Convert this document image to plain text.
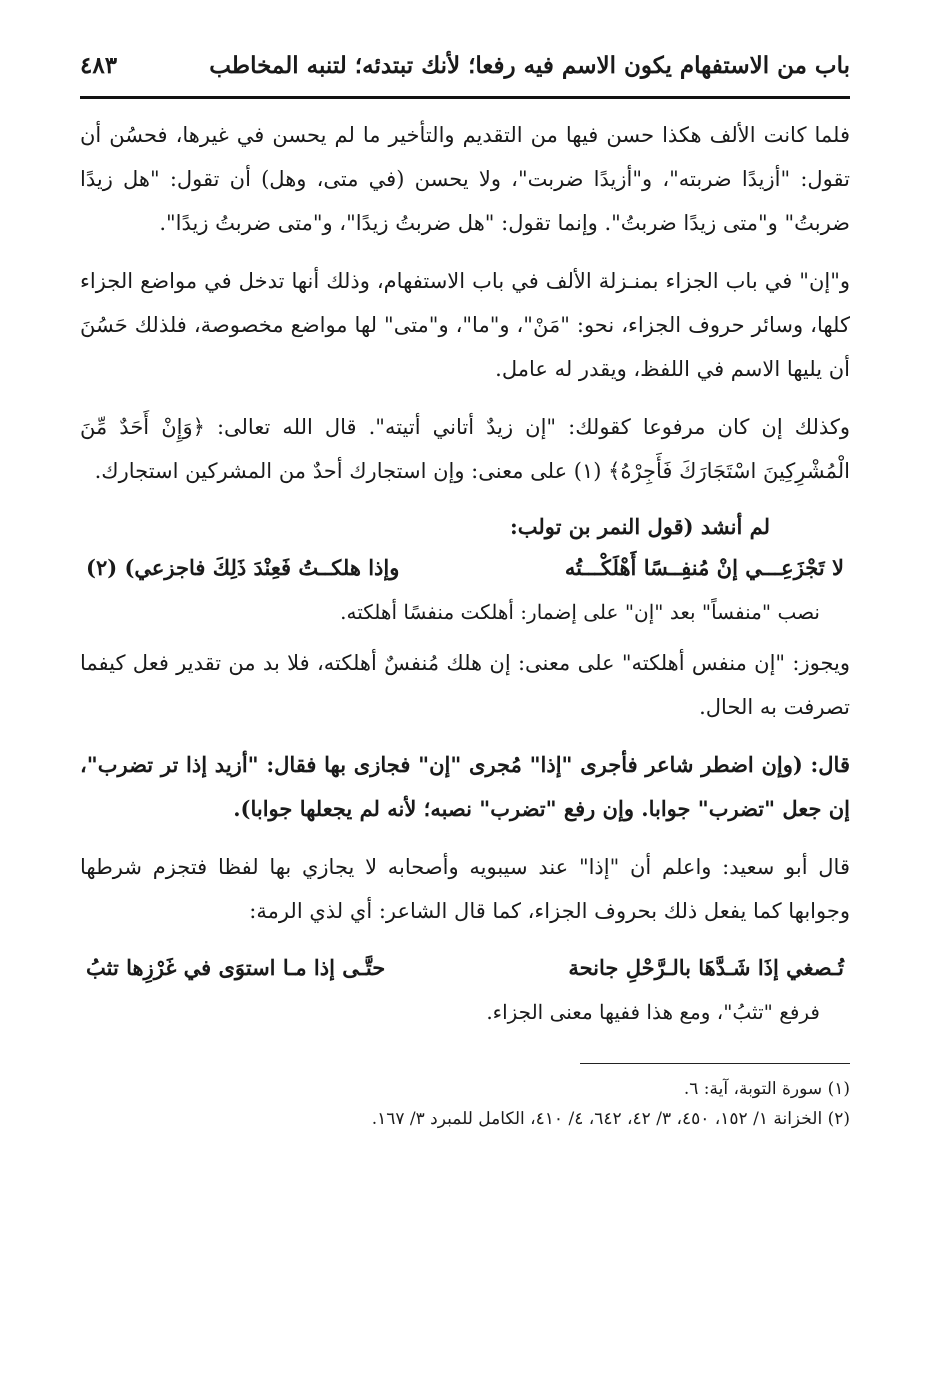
باب من الاستفهام يكون الاسم فيه رفعا؛ لأنك تبتدئه؛ لتنبه المخاطب
٤٨٣

فلما كانت الألف هكذا حسن فيها من التقديم والتأخير ما لم يحسن في غيرها، فحسُن أن تقول: "أزيدًا ضربته"، و"أزيدًا ضربت"، ولا يحسن (في متى، وهل) أن تقول: "هل زيدًا ضربتُ" و"متى زيدًا ضربتُ". وإنما تقول: "هل ضربتُ زيدًا"، و"متى ضربتُ زيدًا".

و"إن" في باب الجزاء بمنـزلة الألف في باب الاستفهام، وذلك أنها تدخل في مواضع الجزاء كلها، وسائر حروف الجزاء، نحو: "مَنْ"، و"ما"، و"متى" لها مواضع مخصوصة، فلذلك حَسُنَ أن يليها الاسم في اللفظ، ويقدر له عامل.

وكذلك إن كان مرفوعا كقولك: "إن زيدٌ أتاني أتيته". قال الله تعالى: ﴿وَإِنْ أَحَدٌ مِّنَ الْمُشْرِكِينَ اسْتَجَارَكَ فَأَجِرْهُ﴾ (١) على معنى: وإن استجارك أحدٌ من المشركين استجارك.

لم أنشد (قول النمر بن تولب:

لا تَجْزَعِـــي إنْ مُنفِــسًا أَهْلَكْـــتُه
وإذا هلكــتُ فَعِنْدَ ذَلِكَ فاجزعي) (٢)

نصب "منفساً" بعد "إن" على إضمار: أهلكت منفسًا أهلكته.

ويجوز: "إن منفس أهلكته" على معنى: إن هلك مُنفسٌ أهلكته، فلا بد من تقدير فعل كيفما تصرفت به الحال.

قال: (وإن اضطر شاعر فأجرى "إذا" مُجرى "إن" فجازى بها فقال: "أزيد إذا تر تضرب"، إن جعل "تضرب" جوابا. وإن رفع "تضرب" نصبه؛ لأنه لم يجعلها جوابا).

قال أبو سعيد: واعلم أن "إذا" عند سيبويه وأصحابه لا يجازي بها لفظا فتجزم شرطها وجوابها كما يفعل ذلك بحروف الجزاء، كما قال الشاعر: أي لذي الرمة:

تُـصغي إذَا شَـدَّهَا بالـرَّحْلِ جانحة
حتَّـى إذا مـا استوَى في غَرْزِها تثبُ

فرفع "تثبُ"، ومع هذا ففيها معنى الجزاء.

(١) سورة التوبة، آية: ٦.

(٢) الخزانة ١/ ١٥٢، ٤٥٠، ٣/ ٤٢، ٦٤٢، ٤/ ٤١٠، الكامل للمبرد ٣/ ١٦٧.
